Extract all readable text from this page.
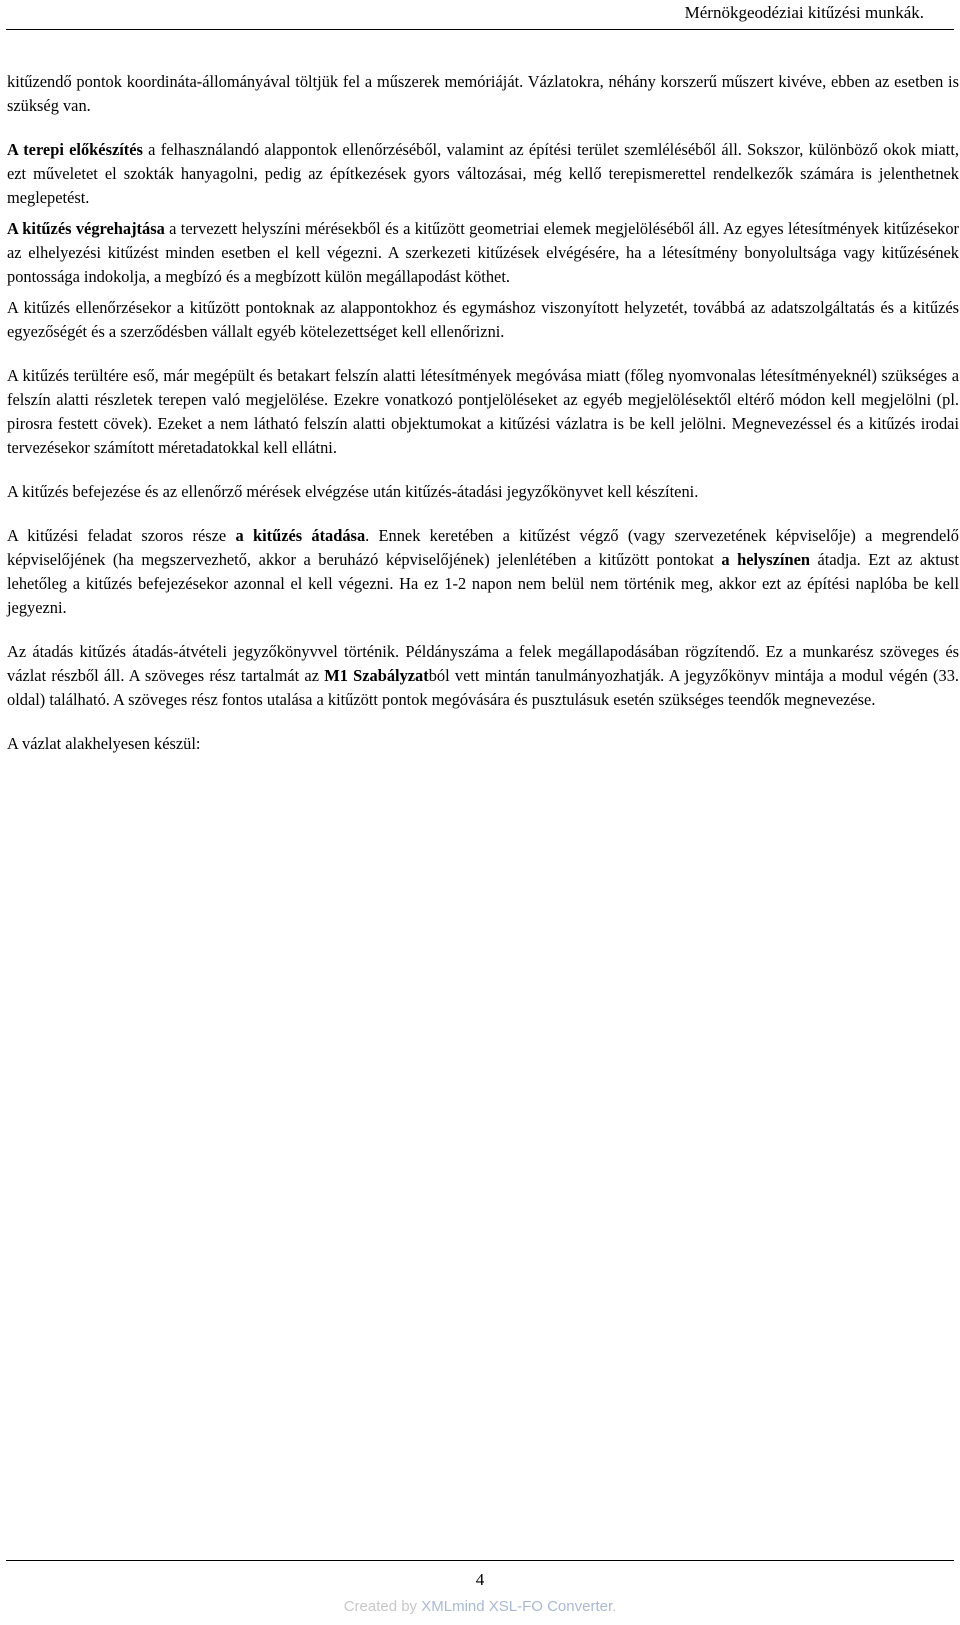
Mérnökgeodéziai kitűzési munkák.

kitűzendő pontok koordináta-állományával töltjük fel a műszerek memóriáját. Vázlatokra, néhány korszerű műszert kivéve, ebben az esetben is szükség van.

A terepi előkészítés a felhasználandó alappontok ellenőrzéséből, valamint az építési terület szemléléséből áll. Sokszor, különböző okok miatt, ezt műveletet el szokták hanyagolni, pedig az építkezések gyors változásai, még kellő terepismerettel rendelkezők számára is jelenthetnek meglepetést.

A kitűzés végrehajtása a tervezett helyszíni mérésekből és a kitűzött geometriai elemek megjelöléséből áll. Az egyes létesítmények kitűzésekor az elhelyezési kitűzést minden esetben el kell végezni. A szerkezeti kitűzések elvégésére, ha a létesítmény bonyolultsága vagy kitűzésének pontossága indokolja, a megbízó és a megbízott külön megállapodást köthet.

A kitűzés ellenőrzésekor a kitűzött pontoknak az alappontokhoz és egymáshoz viszonyított helyzetét, továbbá az adatszolgáltatás és a kitűzés egyezőségét és a szerződésben vállalt egyéb kötelezettséget kell ellenőrizni.

A kitűzés terültére eső, már megépült és betakart felszín alatti létesítmények megóvása miatt (főleg nyomvonalas létesítményeknél) szükséges a felszín alatti részletek terepen való megjelölése. Ezekre vonatkozó pontjelöléseket az egyéb megjelölésektől eltérő módon kell megjelölni (pl. pirosra festett cövek). Ezeket a nem látható felszín alatti objektumokat a kitűzési vázlatra is be kell jelölni. Megnevezéssel és a kitűzés irodai tervezésekor számított méretadatokkal kell ellátni.

A kitűzés befejezése és az ellenőrző mérések elvégzése után kitűzés-átadási jegyzőkönyvet kell készíteni.

A kitűzési feladat szoros része a kitűzés átadása. Ennek keretében a kitűzést végző (vagy szervezetének képviselője) a megrendelő képviselőjének (ha megszervezhető, akkor a beruházó képviselőjének) jelenlétében a kitűzött pontokat a helyszínen átadja. Ezt az aktust lehetőleg a kitűzés befejezésekor azonnal el kell végezni. Ha ez 1-2 napon nem belül nem történik meg, akkor ezt az építési naplóba be kell jegyezni.

Az átadás kitűzés átadás-átvételi jegyzőkönyvvel történik. Példányszáma a felek megállapodásában rögzítendő. Ez a munkarész szöveges és vázlat részből áll. A szöveges rész tartalmát az M1 Szabályzatból vett mintán tanulmányozhatják. A jegyzőkönyv mintája a modul végén (33. oldal) található. A szöveges rész fontos utalása a kitűzött pontok megóvására és pusztulásuk esetén szükséges teendők megnevezése.

A vázlat alakhelyesen készül:

4
Created by XMLmind XSL-FO Converter.
